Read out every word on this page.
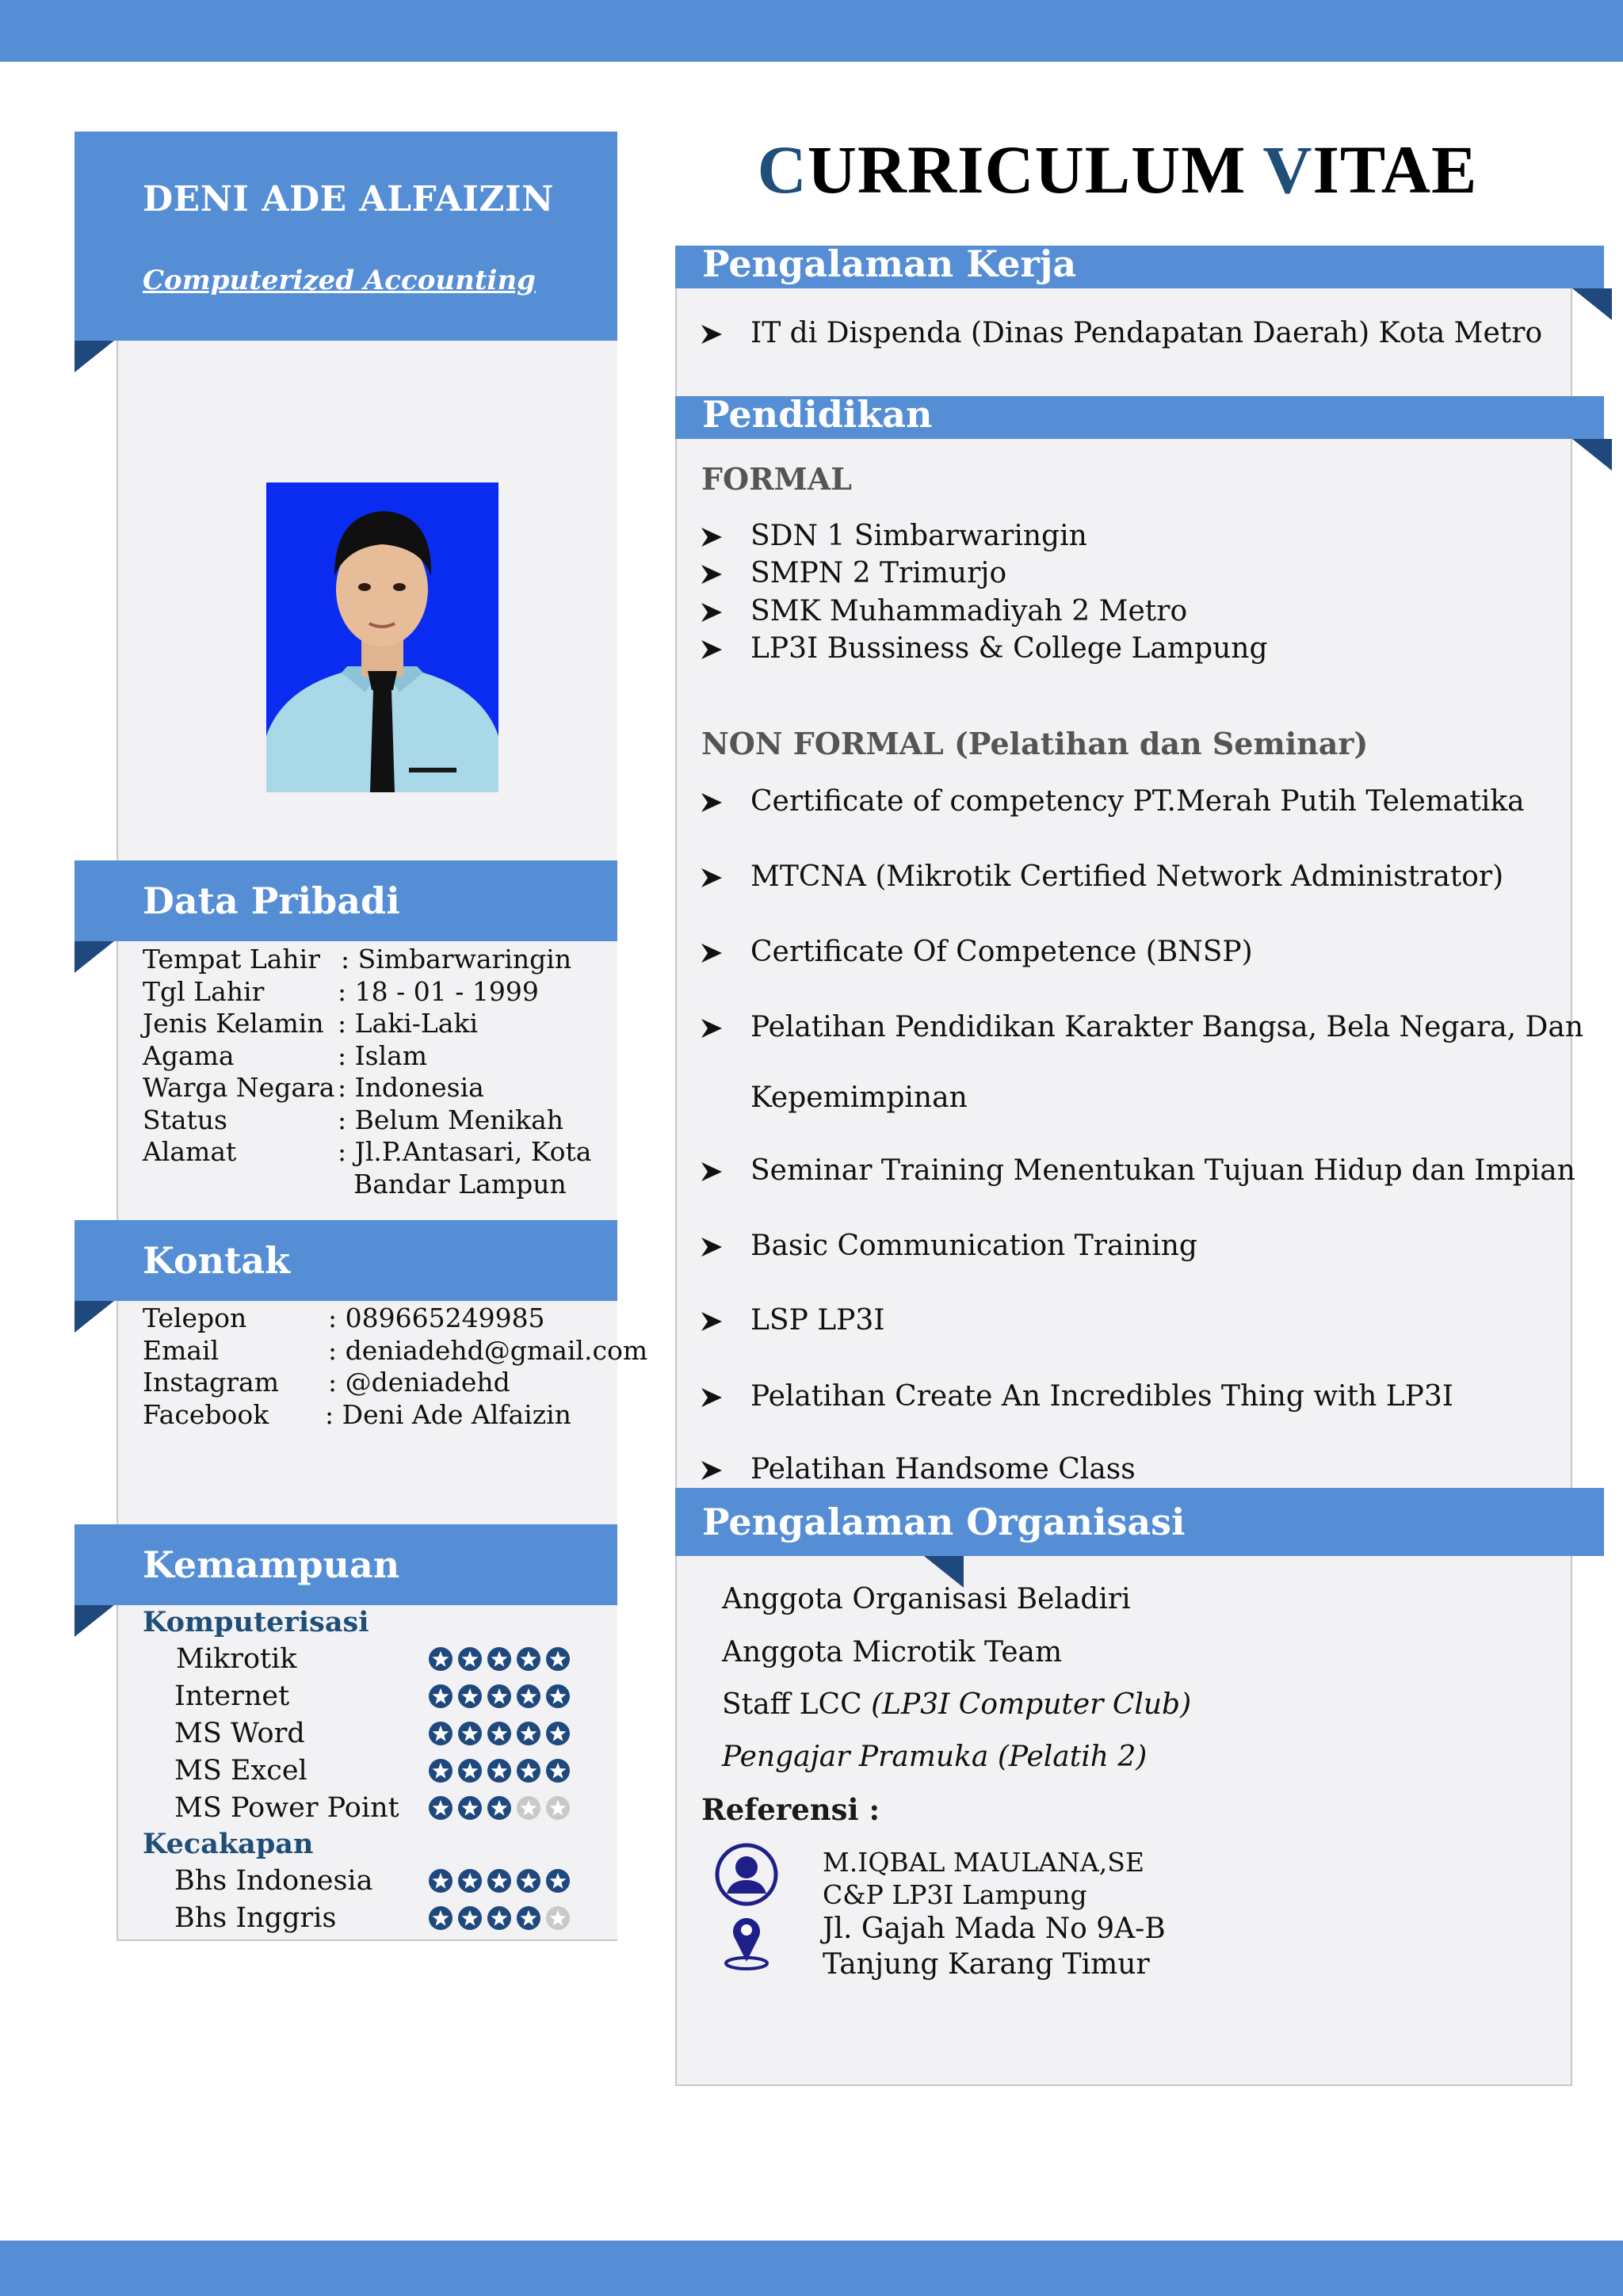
DENI ADE ALFAIZIN
Computerized Accounting
Data Pribadi
Tempat Lahir : Simbarwaringin
Tgl Lahir	: 18 - 01 - 1999
Jenis Kelamin : Laki-Laki
Agama	: Islam
Warga Negara : Indonesia
Status	: Belum Menikah
Alamat	: Jl.P.Antasari, Kota
Bandar Lampun
Kontak
Telepon	: 089665249985
Email	: deniadehd@gmail.com
Instagram : @deniadehd
Facebook : Deni Ade Alfaizin
Kemampuan
Komputerisasi
Mikrotik
Internet
MS Word
MS Excel
MS Power Point
Kecakapan
Bhs Indonesia
Bhs Inggris
CURRICULUM VITAE
Pengalaman Kerja
IT di Dispenda (Dinas Pendapatan Daerah) Kota Metro
Pendidikan
FORMAL
SDN 1 Simbarwaringin
SMPN 2 Trimurjo
SMK Muhammadiyah 2 Metro
LP3I Bussiness & College Lampung
NON FORMAL (Pelatihan dan Seminar)
Certificate of competency PT.Merah Putih Telematika
MTCNA (Mikrotik Certified Network Administrator)
Certificate Of Competence (BNSP)
Pelatihan Pendidikan Karakter Bangsa, Bela Negara, Dan
Kepemimpinan
Seminar Training Menentukan Tujuan Hidup dan Impian
Basic Communication Training
LSP LP3I
Pelatihan Create An Incredibles Thing with LP3I
Pelatihan Handsome Class
Pengalaman Organisasi
Anggota Organisasi Beladiri
Anggota Microtik Team
Staff LCC (LP3I Computer Club)
Pengajar Pramuka (Pelatih 2)
Referensi :
M.IQBAL MAULANA,SE
C&P LP3I Lampung
Jl. Gajah Mada No 9A-B
Tanjung Karang Timur
